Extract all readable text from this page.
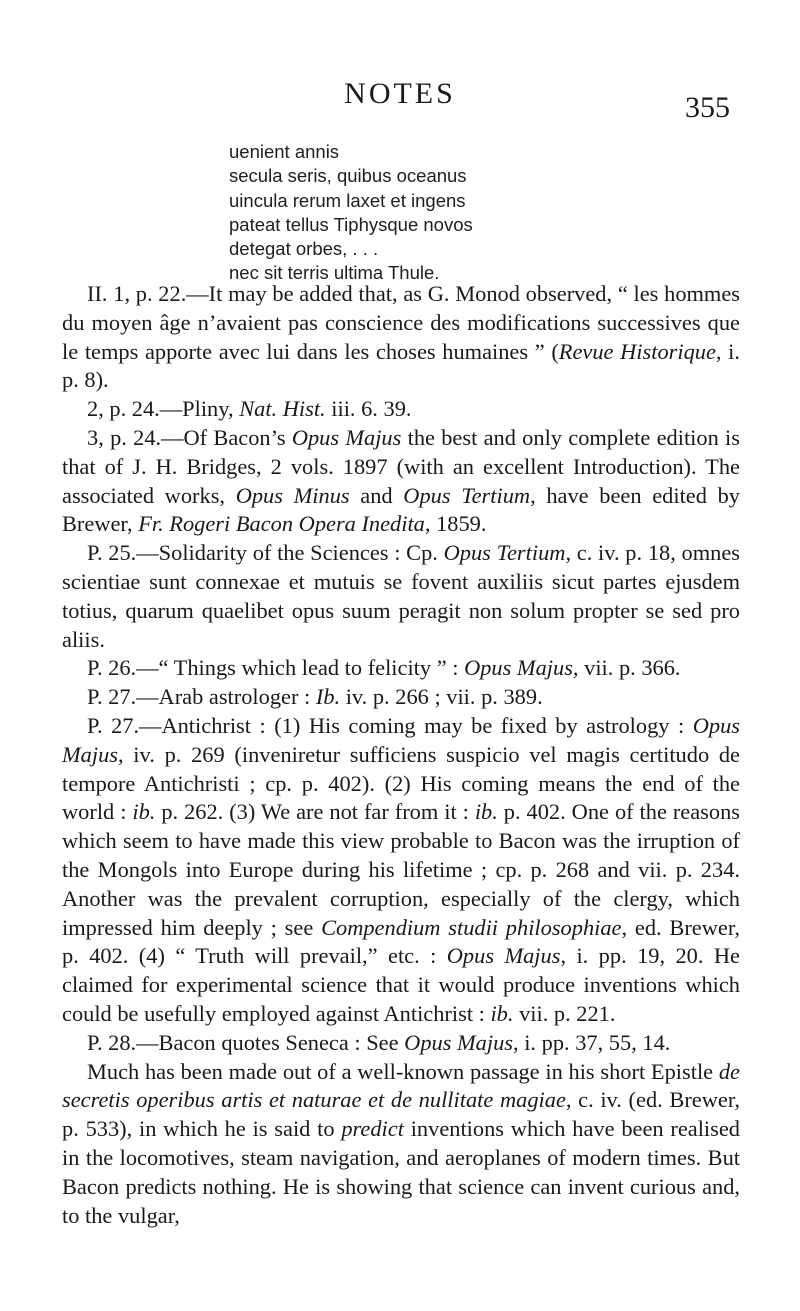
NOTES	355
uenient annis
secula seris, quibus oceanus
uincula rerum laxet et ingens
pateat tellus Tiphysque novos
detegat orbes, . . .
nec sit terris ultima Thule.

II. 1, p. 22.—It may be added that, as G. Monod observed, “ les hommes du moyen âge n’avaient pas conscience des modifications successives que le temps apporte avec lui dans les choses humaines ” (Revue Historique, i. p. 8).

2, p. 24.—Pliny, Nat. Hist. iii. 6. 39.

3, p. 24.—Of Bacon’s Opus Majus the best and only complete edition is that of J. H. Bridges, 2 vols. 1897 (with an excellent Introduction). The associated works, Opus Minus and Opus Tertium, have been edited by Brewer, Fr. Rogeri Bacon Opera Inedita, 1859.

P. 25.—Solidarity of the Sciences : Cp. Opus Tertium, c. iv. p. 18, omnes scientiae sunt connexae et mutuis se fovent auxiliis sicut partes ejusdem totius, quarum quaelibet opus suum peragit non solum propter se sed pro aliis.

P. 26.—“ Things which lead to felicity ” : Opus Majus, vii. p. 366.

P. 27.—Arab astrologer : Ib. iv. p. 266 ; vii. p. 389.

P. 27.—Antichrist : (1) His coming may be fixed by astrology : Opus Majus, iv. p. 269 (inveniretur sufficiens suspicio vel magis certitudo de tempore Antichristi ; cp. p. 402). (2) His coming means the end of the world : ib. p. 262. (3) We are not far from it : ib. p. 402. One of the reasons which seem to have made this view probable to Bacon was the irruption of the Mongols into Europe during his lifetime ; cp. p. 268 and vii. p. 234. Another was the prevalent corruption, especially of the clergy, which impressed him deeply ; see Compendium studii philosophiae, ed. Brewer, p. 402. (4) “ Truth will prevail,” etc. : Opus Majus, i. pp. 19, 20. He claimed for experimental science that it would produce inventions which could be usefully employed against Antichrist : ib. vii. p. 221.

P. 28.—Bacon quotes Seneca : See Opus Majus, i. pp. 37, 55, 14.

Much has been made out of a well-known passage in his short Epistle de secretis operibus artis et naturae et de nullitate magiae, c. iv. (ed. Brewer, p. 533), in which he is said to predict inventions which have been realised in the locomotives, steam navigation, and aeroplanes of modern times. But Bacon predicts nothing. He is showing that science can invent curious and, to the vulgar,
